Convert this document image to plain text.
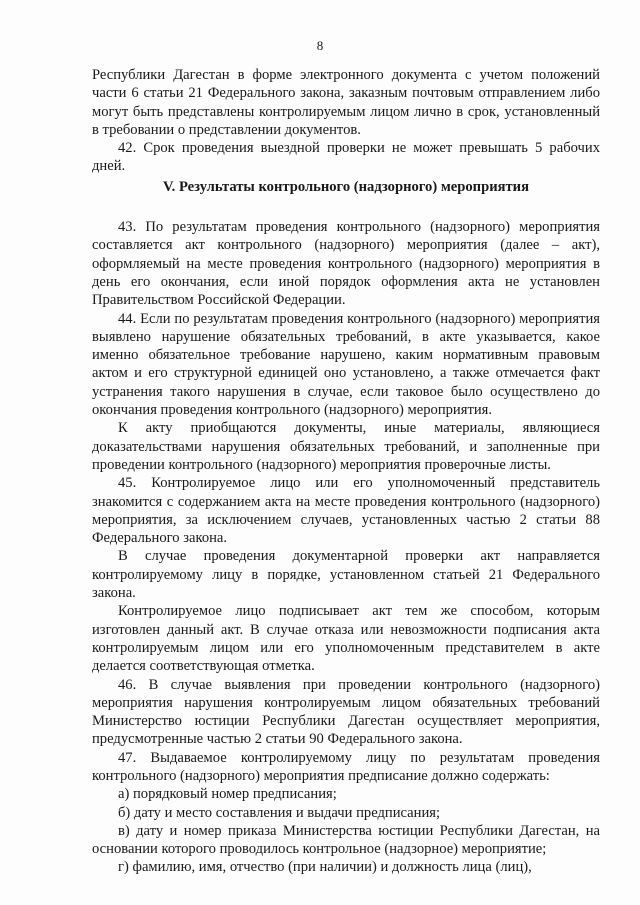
8

Республики Дагестан в форме электронного документа с учетом положений части 6 статьи 21 Федерального закона, заказным почтовым отправлением либо могут быть представлены контролируемым лицом лично в срок, установленный в требовании о представлении документов.

42. Срок проведения выездной проверки не может превышать 5 рабочих дней.

V. Результаты контрольного (надзорного) мероприятия

43. По результатам проведения контрольного (надзорного) мероприятия составляется акт контрольного (надзорного) мероприятия (далее – акт), оформляемый на месте проведения контрольного (надзорного) мероприятия в день его окончания, если иной порядок оформления акта не установлен Правительством Российской Федерации.

44. Если по результатам проведения контрольного (надзорного) мероприятия выявлено нарушение обязательных требований, в акте указывается, какое именно обязательное требование нарушено, каким нормативным правовым актом и его структурной единицей оно установлено, а также отмечается факт устранения такого нарушения в случае, если таковое было осуществлено до окончания проведения контрольного (надзорного) мероприятия.

К акту приобщаются документы, иные материалы, являющиеся доказательствами нарушения обязательных требований, и заполненные при проведении контрольного (надзорного) мероприятия проверочные листы.

45. Контролируемое лицо или его уполномоченный представитель знакомится с содержанием акта на месте проведения контрольного (надзорного) мероприятия, за исключением случаев, установленных частью 2 статьи 88 Федерального закона.

В случае проведения документарной проверки акт направляется контролируемому лицу в порядке, установленном статьей 21 Федерального закона.

Контролируемое лицо подписывает акт тем же способом, которым изготовлен данный акт. В случае отказа или невозможности подписания акта контролируемым лицом или его уполномоченным представителем в акте делается соответствующая отметка.

46. В случае выявления при проведении контрольного (надзорного) мероприятия нарушения контролируемым лицом обязательных требований Министерство юстиции Республики Дагестан осуществляет мероприятия, предусмотренные частью 2 статьи 90 Федерального закона.

47. Выдаваемое контролируемому лицу по результатам проведения контрольного (надзорного) мероприятия предписание должно содержать:

а) порядковый номер предписания;

б) дату и место составления и выдачи предписания;

в) дату и номер приказа Министерства юстиции Республики Дагестан, на основании которого проводилось контрольное (надзорное) мероприятие;

г) фамилию, имя, отчество (при наличии) и должность лица (лиц),
